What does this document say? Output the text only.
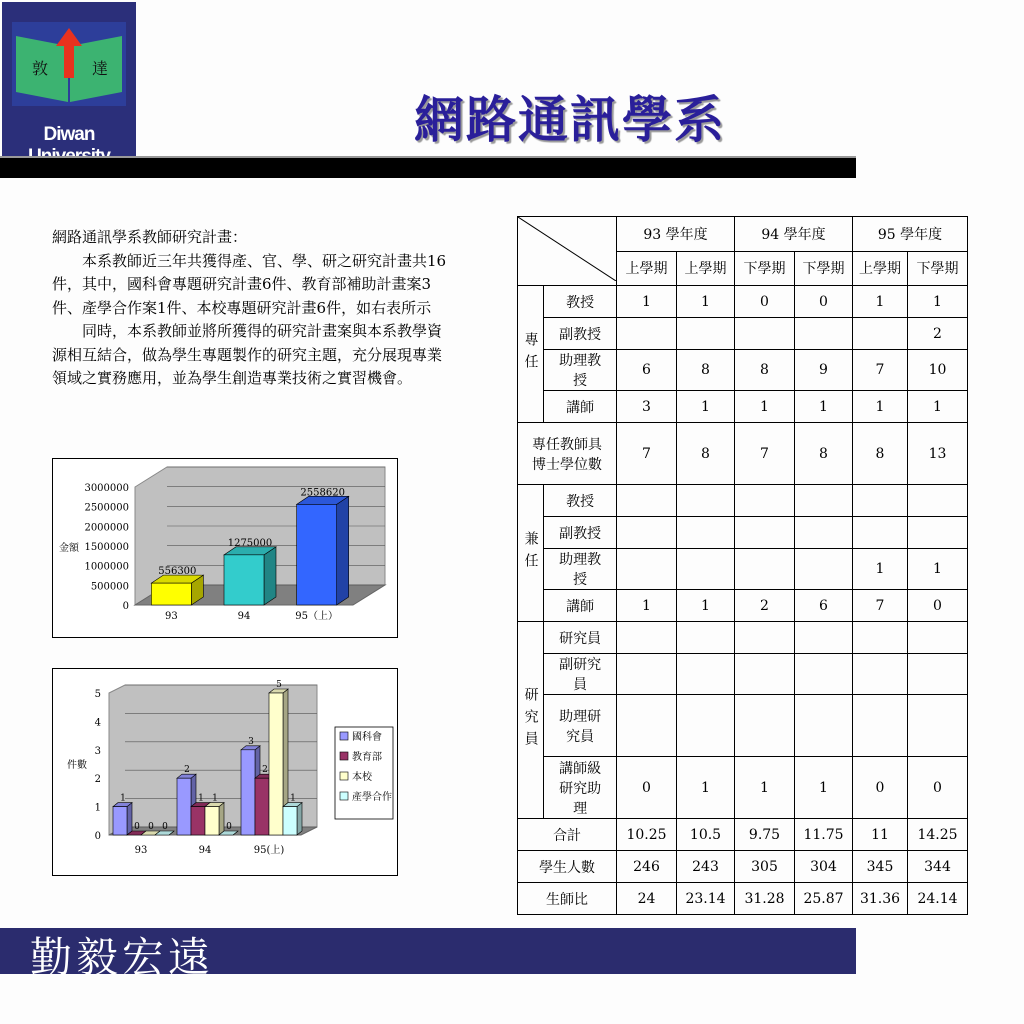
敦	達
Diwan	網路通訊學系

網路通訊學系教師研究計畫：

本系教師近三年共獲得產、官、學、研之研究計畫共16件，其中，國科會專題研究計畫6件、教育部補助計畫案3件、產學合作案1件、本校專題研究計畫6件，如右表所示

同時，本系教師並將所獲得的研究計畫案與本系教學資源相互結合，做為學生專題製作的研究主題，充分展現專業領域之實務應用，並為學生創造專業技術之實習機會。

0
500000
1000000
1500000
2000000
2500000
3000000
金額
556300
93
1275000
94
2558620
95（上）
0
1
2
3
4
5
件數
1
0 0 0
93
2
1 1
0
94
3
2
5
1
95(上)
國科會
教育部
本校
產學合作
	93 學年度		94 學年度		95 學年度	
		上學期	上學期	下學期	下學期	上學期	下學期
專任	教授	1	1	0	0	1	1
	副教授						2
	助理教授	6	8	8	9	7	10
	講師	3	1	1	1	1	1
專任教師具博士學位數		7	8	7	8	8	13
兼任	教授						
	副教授						
	助理教授					1	1
	講師	1	1	2	6	7	0
研究員	研究員						
	副研究員						
	助理研究員						
	講師級研究助理	0	1	1	1	0	0
合計		10.25	10.5	9.75	11.75	11	14.25
學生人數		246	243	305	304	345	344
生師比		24	23.14	31.28	25.87	31.36	24.14
勤毅宏遠
